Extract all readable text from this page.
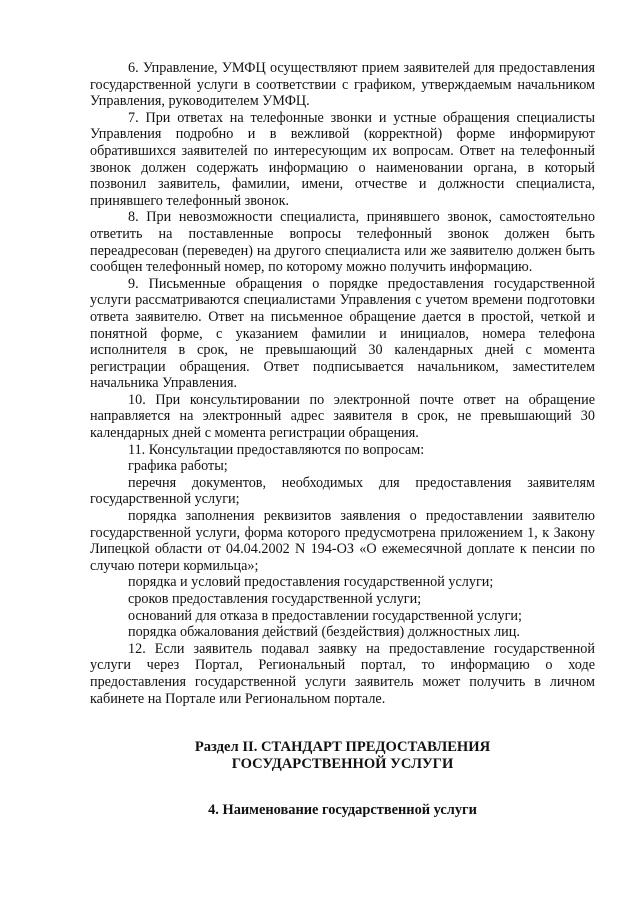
6. Управление, УМФЦ осуществляют прием заявителей для предоставления государственной услуги в соответствии с графиком, утверждаемым начальником Управления, руководителем УМФЦ.

7. При ответах на телефонные звонки и устные обращения специалисты Управления подробно и в вежливой (корректной) форме информируют обратившихся заявителей по интересующим их вопросам. Ответ на телефонный звонок должен содержать информацию о наименовании органа, в который позвонил заявитель, фамилии, имени, отчестве и должности специалиста, принявшего телефонный звонок.

8. При невозможности специалиста, принявшего звонок, самостоятельно ответить на поставленные вопросы телефонный звонок должен быть переадресован (переведен) на другого специалиста или же заявителю должен быть сообщен телефонный номер, по которому можно получить информацию.

9. Письменные обращения о порядке предоставления государственной услуги рассматриваются специалистами Управления с учетом времени подготовки ответа заявителю. Ответ на письменное обращение дается в простой, четкой и понятной форме, с указанием фамилии и инициалов, номера телефона исполнителя в срок, не превышающий 30 календарных дней с момента регистрации обращения. Ответ подписывается начальником, заместителем начальника Управления.

10. При консультировании по электронной почте ответ на обращение направляется на электронный адрес заявителя в срок, не превышающий 30 календарных дней с момента регистрации обращения.

11. Консультации предоставляются по вопросам:

графика работы;

перечня документов, необходимых для предоставления заявителям государственной услуги;

порядка заполнения реквизитов заявления о предоставлении заявителю государственной услуги, форма которого предусмотрена приложением 1, к Закону Липецкой области от 04.04.2002 N 194-ОЗ «О ежемесячной доплате к пенсии по случаю потери кормильца»;

порядка и условий предоставления государственной услуги;

сроков предоставления государственной услуги;

оснований для отказа в предоставлении государственной услуги;

порядка обжалования действий (бездействия) должностных лиц.

12. Если заявитель подавал заявку на предоставление государственной услуги через Портал, Региональный портал, то информацию о ходе предоставления государственной услуги заявитель может получить в личном кабинете на Портале или Региональном портале.

Раздел II. СТАНДАРТ ПРЕДОСТАВЛЕНИЯ
ГОСУДАРСТВЕННОЙ УСЛУГИ
4. Наименование государственной услуги
